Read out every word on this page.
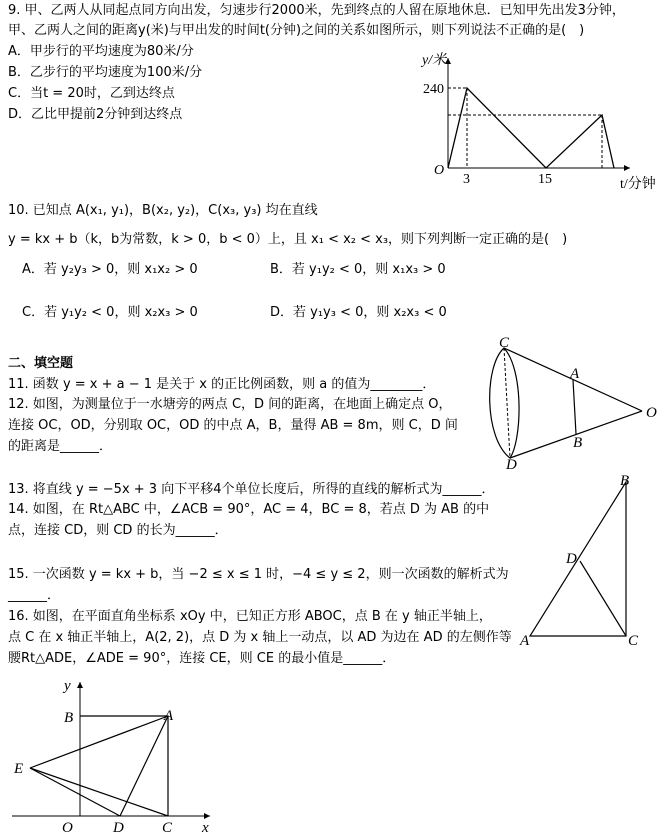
9. 甲、乙两人从同起点同方向出发，匀速步行2000米，先到终点的人留在原地休息．已知甲先出发3分钟，
甲、乙两人之间的距离y(米)与甲出发的时间t(分钟)之间的关系如图所示，则下列说法不正确的是(　)
A．甲步行的平均速度为80米/分
B．乙步行的平均速度为100米/分
C．当t = 20时，乙到达终点
D．乙比甲提前2分钟到达终点
y/米
t/分钟
O
240
3	15
10. 已知点 A(x₁, y₁)，B(x₂, y₂)，C(x₃, y₃) 均在直线
y = kx + b（k，b为常数，k > 0，b < 0）上，且 x₁ < x₂ < x₃，则下列判断一定正确的是(　)
A．若 y₂y₃ > 0，则 x₁x₂ > 0	B．若 y₁y₂ < 0，则 x₁x₃ > 0
C．若 y₁y₂ < 0，则 x₂x₃ > 0	D．若 y₁y₃ < 0，则 x₂x₃ < 0
二、填空题
11. 函数 y = x + a − 1 是关于 x 的正比例函数，则 a 的值为________．
12. 如图，为测量位于一水塘旁的两点 C，D 间的距离，在地面上确定点 O，
连接 OC，OD，分别取 OC，OD 的中点 A，B，量得 AB = 8m，则 C，D 间
的距离是______．
C
D
A
B
O
13. 将直线 y = −5x + 3 向下平移4个单位长度后，所得的直线的解析式为______．
14. 如图，在 Rt△ABC 中，∠ACB = 90°，AC = 4，BC = 8，若点 D 为 AB 的中
点，连接 CD，则 CD 的长为______．
A
B
C
D
15. 一次函数 y = kx + b，当 −2 ≤ x ≤ 1 时，−4 ≤ y ≤ 2，则一次函数的解析式为
______．
16. 如图，在平面直角坐标系 xOy 中，已知正方形 ABOC，点 B 在 y 轴正半轴上，
点 C 在 x 轴正半轴上，A(2, 2)，点 D 为 x 轴上一动点，以 AD 为边在 AD 的左侧作等
腰Rt△ADE，∠ADE = 90°，连接 CE，则 CE 的最小值是______．
y
x
O
B	A
E
D	C
